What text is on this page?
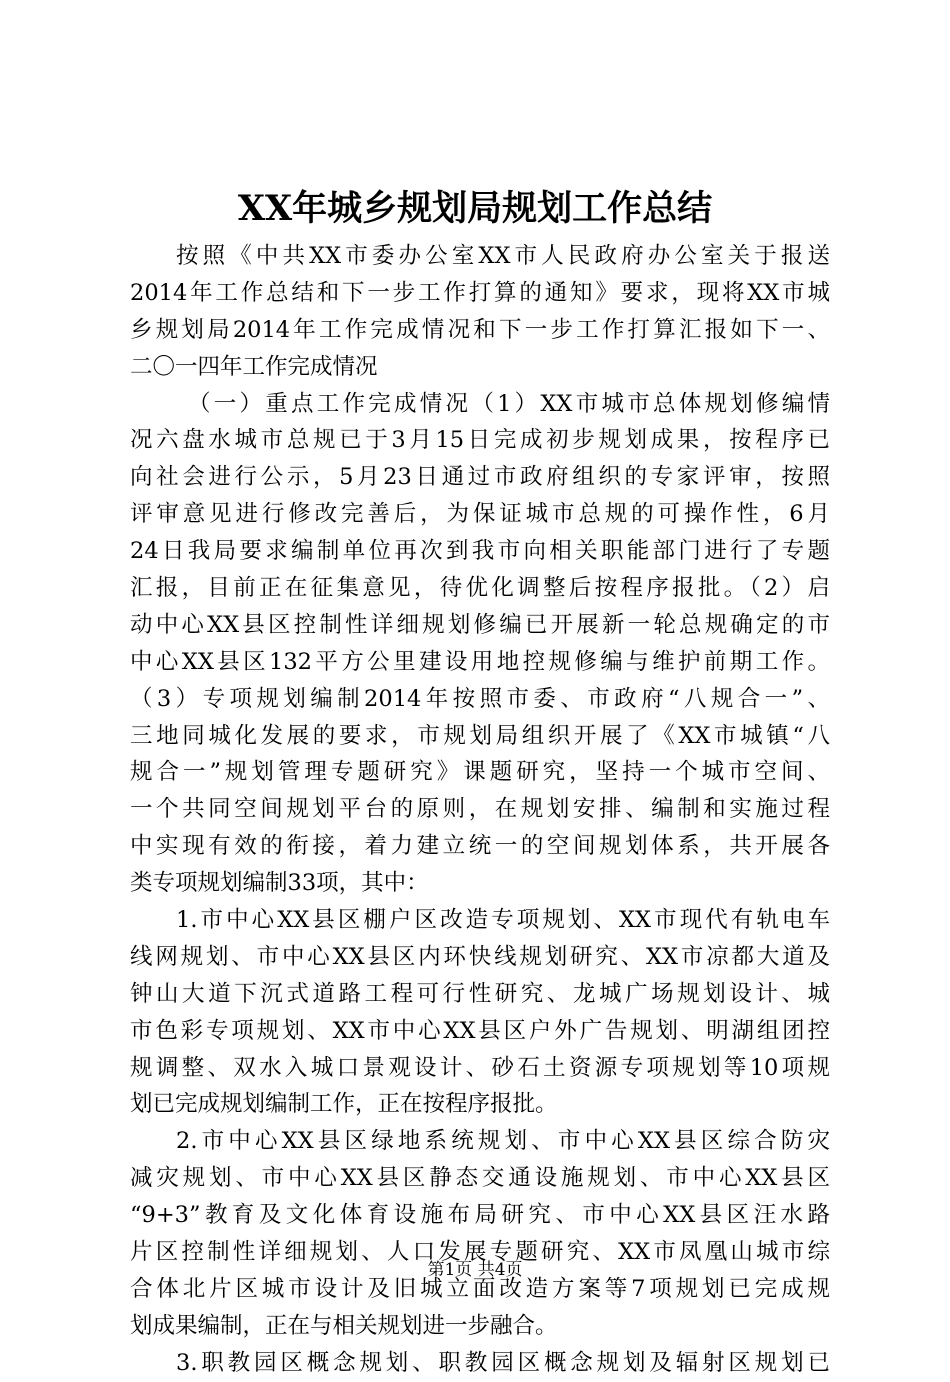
XX年城乡规划局规划工作总结
按照《中共XX市委办公室XX市人民政府办公室关于报送
2014年工作总结和下一步工作打算的通知》要求，现将XX市城
乡规划局2014年工作完成情况和下一步工作打算汇报如下一、
二〇一四年工作完成情况
（一）重点工作完成情况（1）XX市城市总体规划修编情
况六盘水城市总规已于3月15日完成初步规划成果，按程序已
向社会进行公示，5月23日通过市政府组织的专家评审，按照
评审意见进行修改完善后，为保证城市总规的可操作性，6月
24日我局要求编制单位再次到我市向相关职能部门进行了专题
汇报，目前正在征集意见，待优化调整后按程序报批。（2）启
动中心XX县区控制性详细规划修编已开展新一轮总规确定的市
中心XX县区132平方公里建设用地控规修编与维护前期工作。
（3）专项规划编制2014年按照市委、市政府“八规合一”、
三地同城化发展的要求，市规划局组织开展了《XX市城镇“八
规合一”规划管理专题研究》课题研究，坚持一个城市空间、
一个共同空间规划平台的原则，在规划安排、编制和实施过程
中实现有效的衔接，着力建立统一的空间规划体系，共开展各
类专项规划编制33项，其中：
1.市中心XX县区棚户区改造专项规划、XX市现代有轨电车
线网规划、市中心XX县区内环快线规划研究、XX市凉都大道及
钟山大道下沉式道路工程可行性研究、龙城广场规划设计、城
市色彩专项规划、XX市中心XX县区户外广告规划、明湖组团控
规调整、双水入城口景观设计、砂石土资源专项规划等10项规
划已完成规划编制工作，正在按程序报批。
2.市中心XX县区绿地系统规划、市中心XX县区综合防灾
减灾规划、市中心XX县区静态交通设施规划、市中心XX县区
“9+3”教育及文化体育设施布局研究、市中心XX县区汪水路
片区控制性详细规划、人口发展专题研究、XX市凤凰山城市综
合体北片区城市设计及旧城立面改造方案等7项规划已完成规
划成果编制，正在与相关规划进一步融合。
3.职教园区概念规划、职教园区概念规划及辐射区规划已
第1页 共4页
